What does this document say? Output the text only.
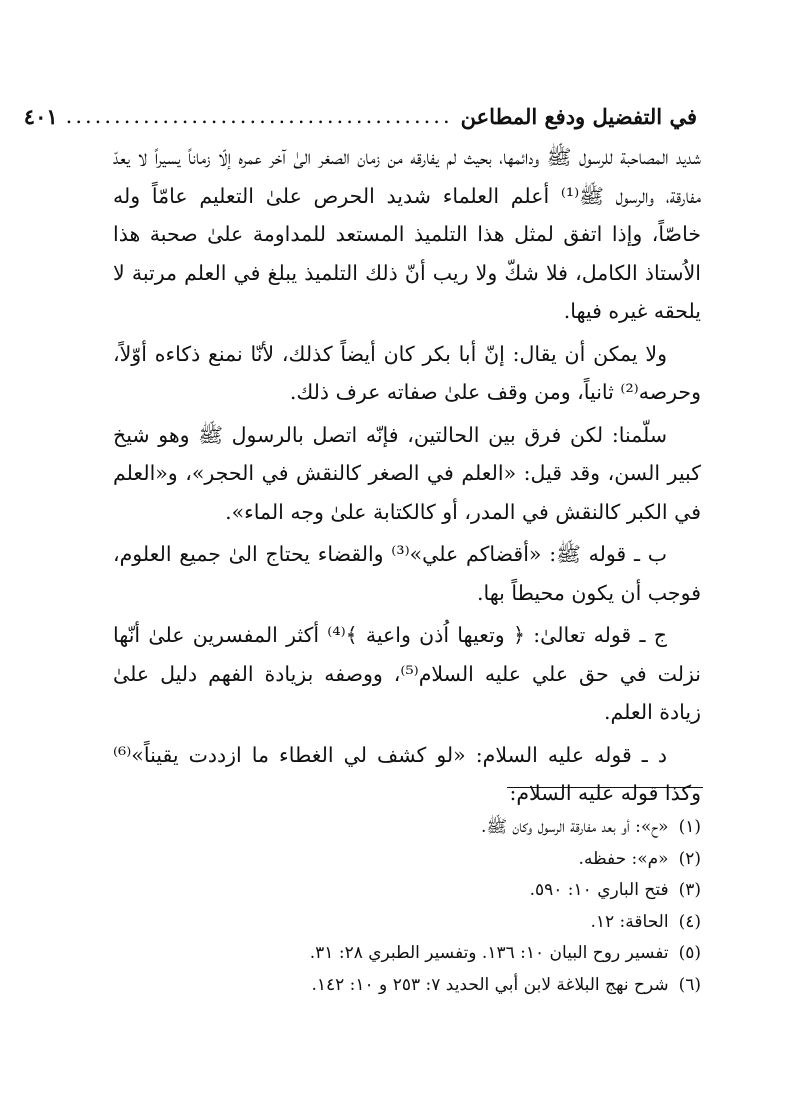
في التفضيل ودفع المطاعن
........................................
٤٠١

شديد المصاحبة للرسول ﷺ ودائمها، بحيث لم يفارقه من زمان الصغر الىٰ آخر عمره إلّا زماناً يسيراً لا يعدّ مفارقة، والرسول ﷺ⁽¹⁾ أعلم العلماء شديد الحرص علىٰ التعليم عامّاً وله خاصّاً، وإذا اتفق لمثل هذا التلميذ المستعد للمداومة علىٰ صحبة هذا الاُستاذ الكامل، فلا شكّ ولا ريب أنّ ذلك التلميذ يبلغ في العلم مرتبة لا يلحقه غيره فيها.

ولا يمكن أن يقال: إنّ أبا بكر كان أيضاً كذلك، لأنّا نمنع ذكاءه أوّلاً، وحرصه⁽²⁾ ثانياً، ومن وقف علىٰ صفاته عرف ذلك.

سلّمنا: لكن فرق بين الحالتين، فإنّه اتصل بالرسول ﷺ وهو شيخ كبير السن، وقد قيل: «العلم في الصغر كالنقش في الحجر»، و«العلم في الكبر كالنقش في المدر، أو كالكتابة علىٰ وجه الماء».

ب ـ قوله ﷺ: «أقضاكم علي»⁽³⁾ والقضاء يحتاج الىٰ جميع العلوم، فوجب أن يكون محيطاً بها.

ج ـ قوله تعالىٰ: ﴿ وتعيها اُذن واعية ﴾⁽⁴⁾ أكثر المفسرين علىٰ أنّها نزلت في حق علي عليه السلام⁽⁵⁾، ووصفه بزيادة الفهم دليل علىٰ زيادة العلم.

د ـ قوله عليه السلام: «لو كشف لي الغطاء ما ازددت يقيناً»⁽⁶⁾ وكذا قوله عليه السلام:

(١)«ح»: أو بعد مفارقة الرسول وكان ﷺ.

(٢)«م»: حفظه.

(٣)فتح الباري ١٠: ٥٩٠.

(٤)الحاقة: ١٢.

(٥)تفسير روح البيان ١٠: ١٣٦. وتفسير الطبري ٢٨: ٣١.

(٦)شرح نهج البلاغة لابن أبي الحديد ٧: ٢٥٣ و ١٠: ١٤٢.
